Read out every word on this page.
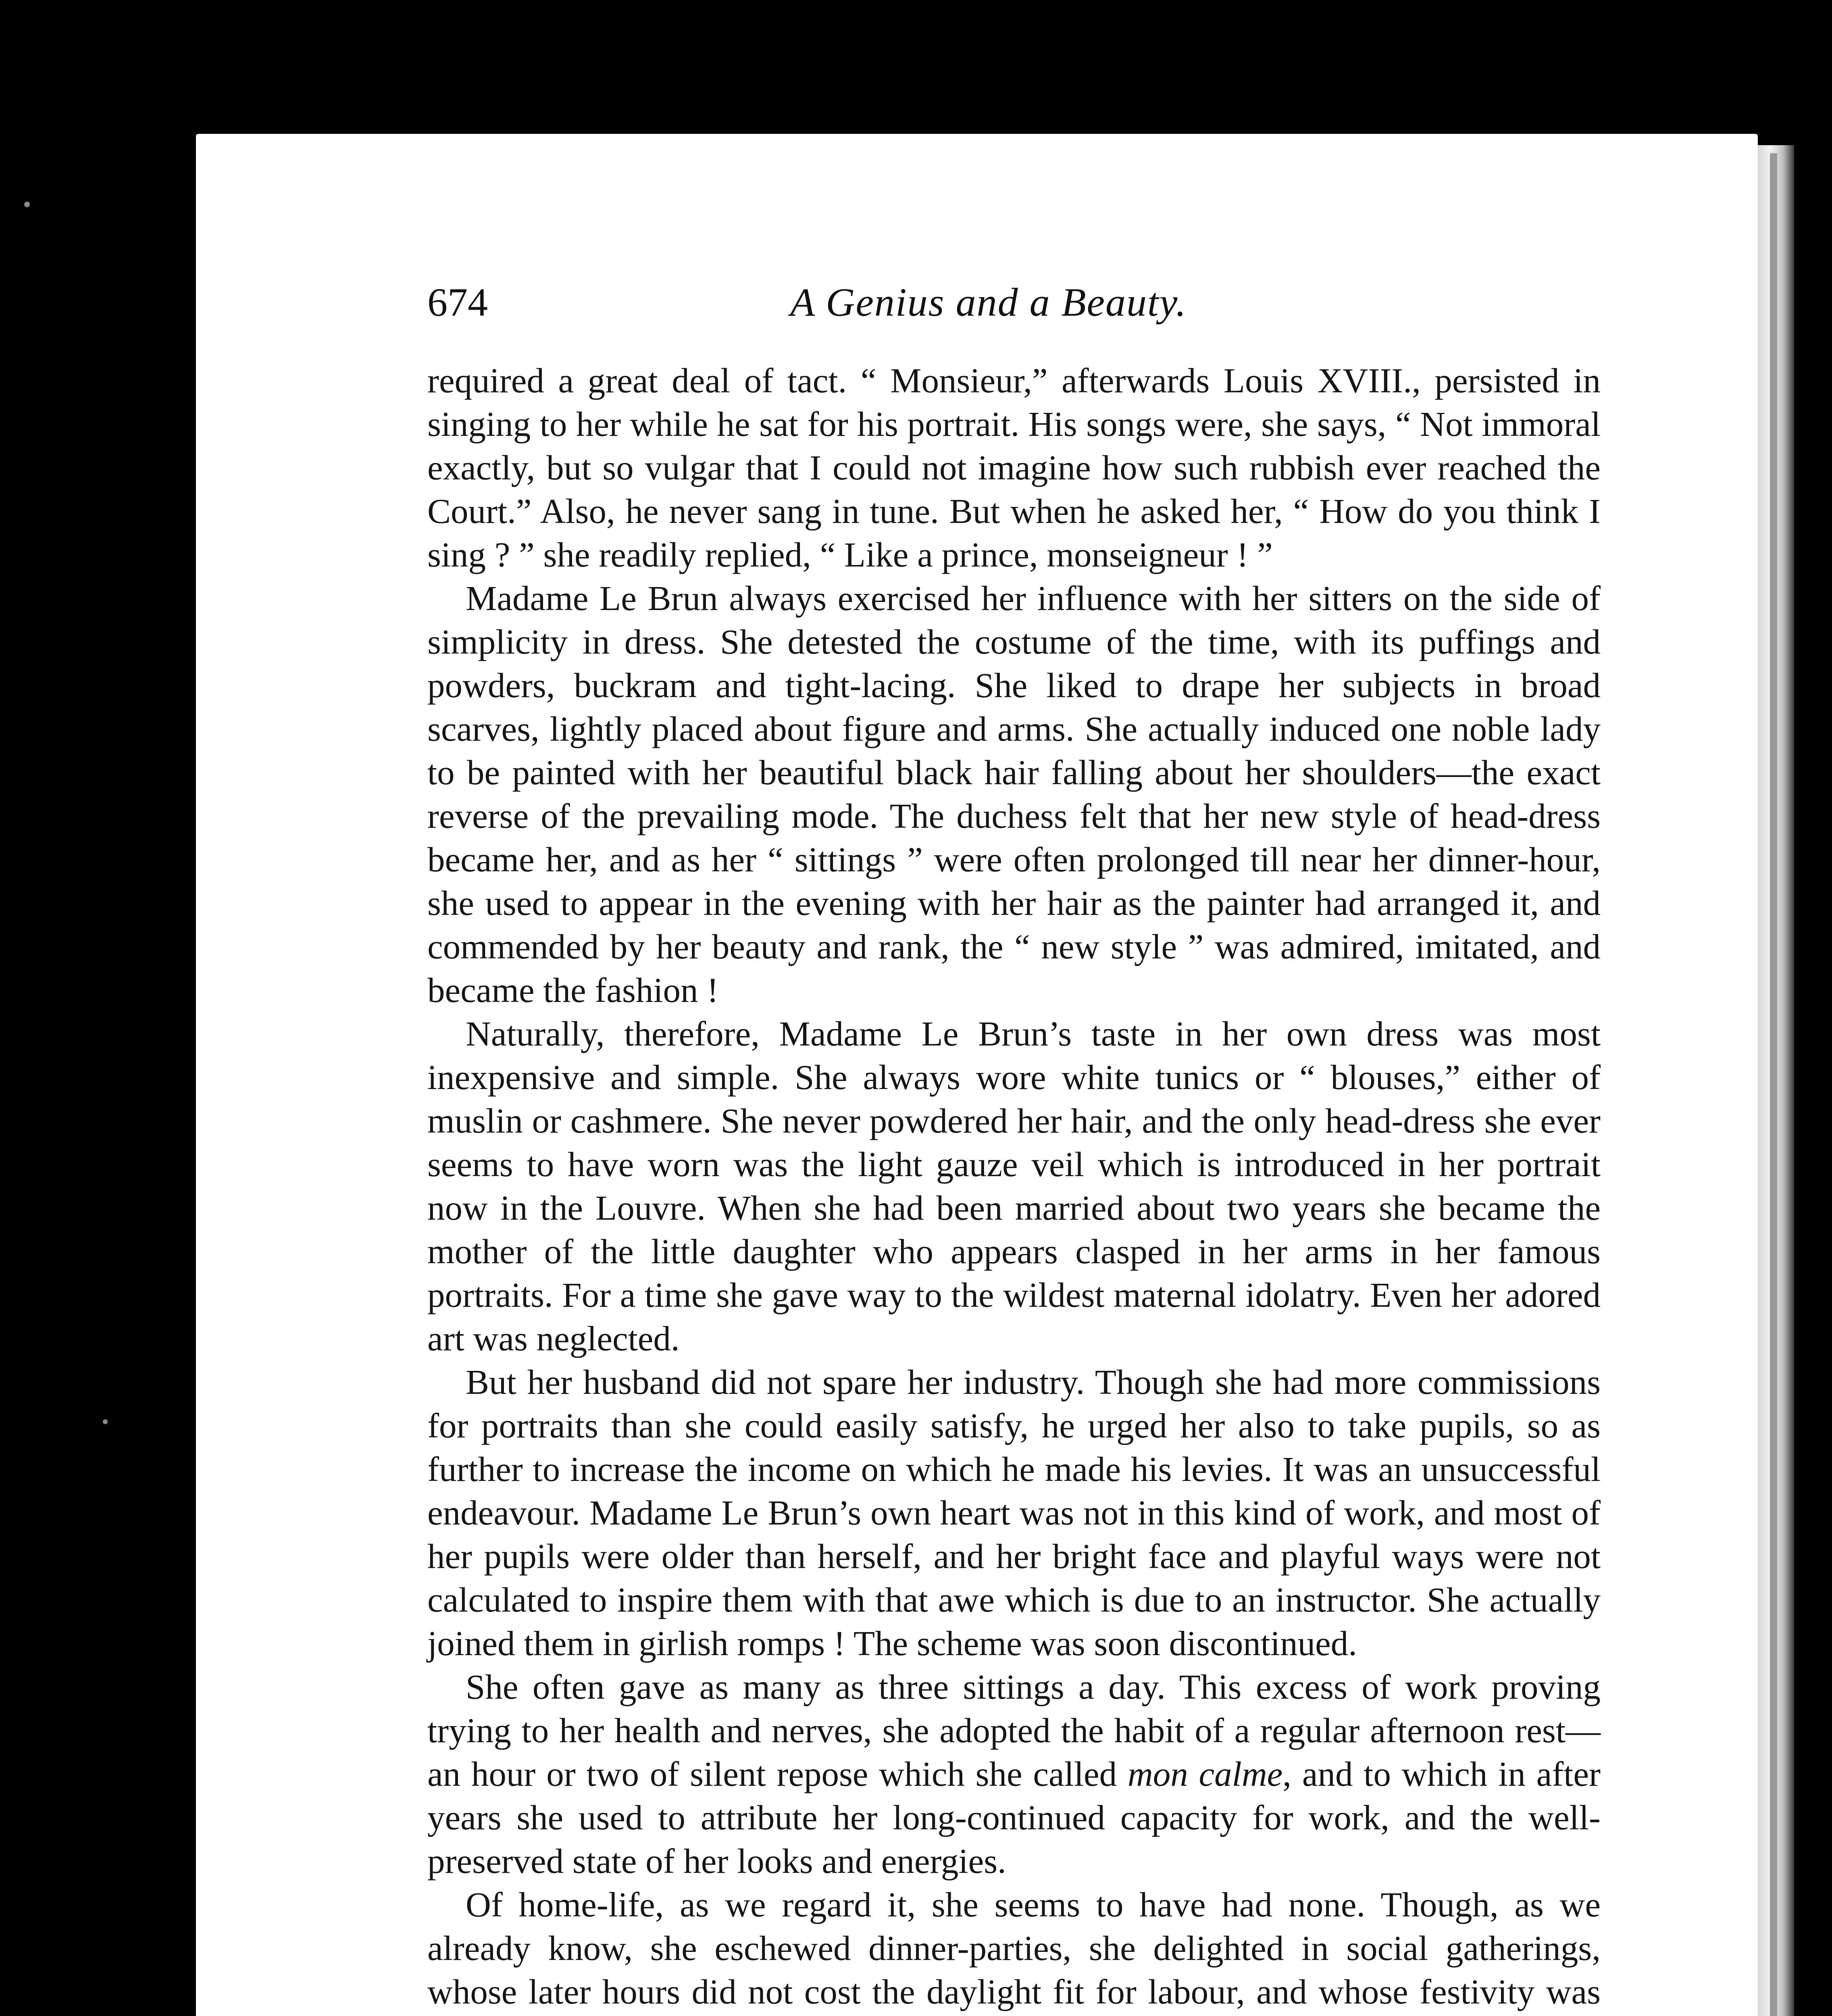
674	A Genius and a Beauty.

required a great deal of tact. “ Monsieur,” afterwards Louis XVIII., persisted in singing to her while he sat for his portrait. His songs were, she says, “ Not immoral exactly, but so vulgar that I could not imagine how such rubbish ever reached the Court.” Also, he never sang in tune. But when he asked her, “ How do you think I sing ? ” she readily replied, “ Like a prince, monseigneur ! ”

Madame Le Brun always exercised her influence with her sitters on the side of simplicity in dress. She detested the costume of the time, with its puffings and powders, buckram and tight-lacing. She liked to drape her subjects in broad scarves, lightly placed about figure and arms. She actually induced one noble lady to be painted with her beautiful black hair falling about her shoulders—the exact reverse of the prevailing mode. The duchess felt that her new style of head-dress became her, and as her “ sittings ” were often prolonged till near her dinner-hour, she used to appear in the evening with her hair as the painter had arranged it, and commended by her beauty and rank, the “ new style ” was admired, imitated, and became the fashion !

Naturally, therefore, Madame Le Brun’s taste in her own dress was most inexpensive and simple. She always wore white tunics or “ blouses,” either of muslin or cashmere. She never powdered her hair, and the only head-dress she ever seems to have worn was the light gauze veil which is introduced in her portrait now in the Louvre. When she had been married about two years she became the mother of the little daughter who appears clasped in her arms in her famous portraits. For a time she gave way to the wildest maternal idolatry. Even her adored art was neglected.

But her husband did not spare her industry. Though she had more commissions for portraits than she could easily satisfy, he urged her also to take pupils, so as further to increase the income on which he made his levies. It was an unsuccessful endeavour. Madame Le Brun’s own heart was not in this kind of work, and most of her pupils were older than herself, and her bright face and playful ways were not calculated to inspire them with that awe which is due to an instructor. She actually joined them in girlish romps ! The scheme was soon discontinued.

She often gave as many as three sittings a day. This excess of work proving trying to her health and nerves, she adopted the habit of a regular afternoon rest—an hour or two of silent repose which she called mon calme, and to which in after years she used to attribute her long-continued capacity for work, and the well-preserved state of her looks and energies.

Of home-life, as we regard it, she seems to have had none. Though, as we already know, she eschewed dinner-parties, she delighted in social gatherings, whose later hours did not cost the daylight fit for labour, and whose festivity was
